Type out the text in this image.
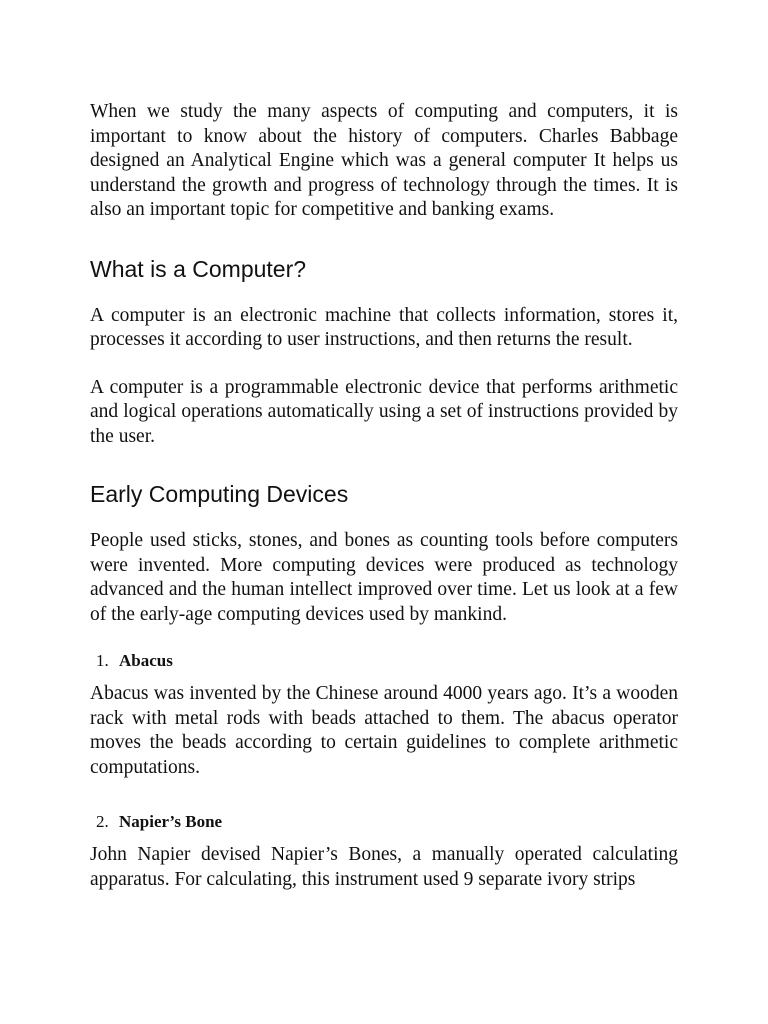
When we study the many aspects of computing and computers, it is important to know about the history of computers. Charles Babbage designed an Analytical Engine which was a general computer It helps us understand the growth and progress of technology through the times. It is also an important topic for competitive and banking exams.

What is a Computer?

A computer is an electronic machine that collects information, stores it, processes it according to user instructions, and then returns the result.

A computer is a programmable electronic device that performs arithmetic and logical operations automatically using a set of instructions provided by the user.

Early Computing Devices

People used sticks, stones, and bones as counting tools before computers were invented. More computing devices were produced as technology advanced and the human intellect improved over time. Let us look at a few of the early-age computing devices used by mankind.

1. Abacus

Abacus was invented by the Chinese around 4000 years ago. It’s a wooden rack with metal rods with beads attached to them. The abacus operator moves the beads according to certain guidelines to complete arithmetic computations.

2. Napier’s Bone

John Napier devised Napier’s Bones, a manually operated calculating apparatus. For calculating, this instrument used 9 separate ivory strips
